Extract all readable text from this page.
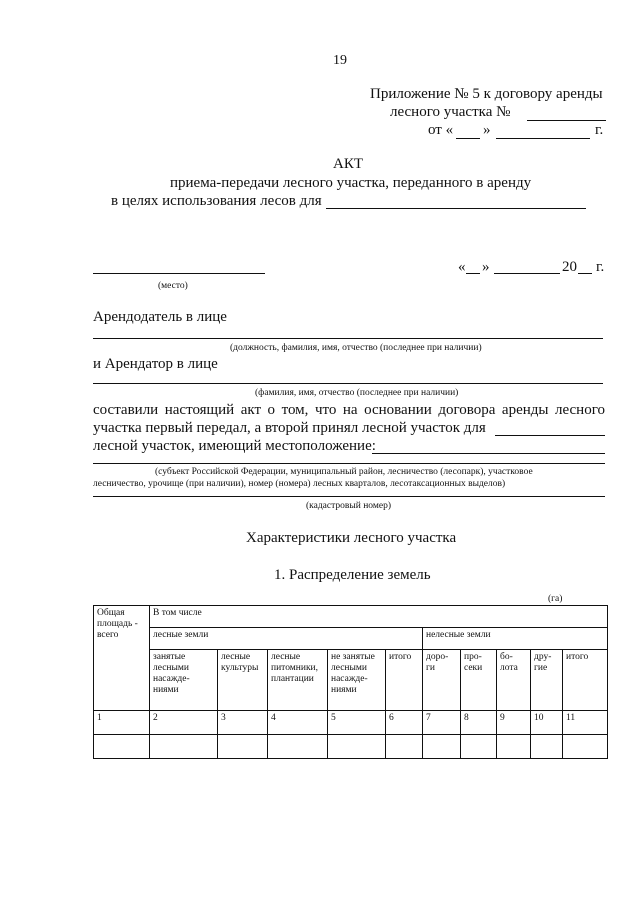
19
Приложение № 5 к договору аренды
лесного участка №
от « »	г.
АКТ
приема-передачи лесного участка, переданного в аренду
в целях использования лесов для
(место)
« »	20 г.
Арендодатель в лице
(должность, фамилия, имя, отчество (последнее при наличии)
и Арендатор в лице
(фамилия, имя, отчество (последнее при наличии)
составили настоящий акт о том, что на основании договора аренды лесного
участка первый передал, а второй принял лесной участок для
лесной участок, имеющий местоположение:
(субъект Российской Федерации, муниципальный район, лесничество (лесопарк), участковое
лесничество, урочище (при наличии), номер (номера) лесных кварталов, лесотаксационных выделов)
(кадастровый номер)
Характеристики лесного участка
1. Распределение земель
(га)
Общая площадь - всего	В том числе									
	лесные земли					нелесные земли				
	занятые лесными насажде-ниями	лесные культуры	лесные питомники, плантации	не занятые лесными насажде-ниями	итого	доро-ги	про-секи	бо-лота	дру-гие	итого
1	2	3	4	5	6	7	8	9	10	11
